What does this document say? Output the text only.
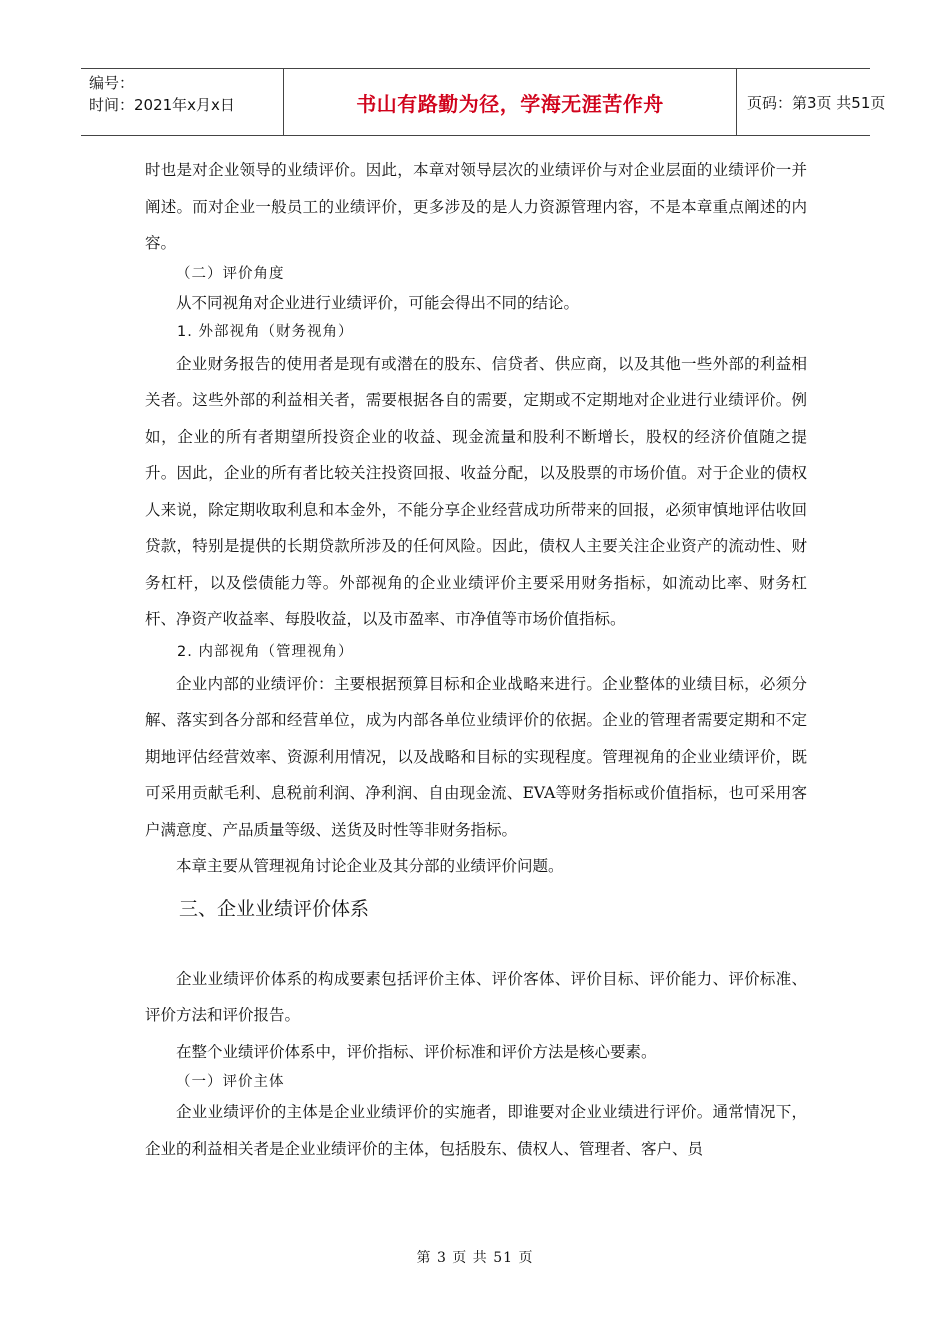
编号：
时间：2021年x月x日	书山有路勤为径，学海无涯苦作舟	页码：第3页 共51页

时也是对企业领导的业绩评价。因此，本章对领导层次的业绩评价与对企业层面的业绩评价一并阐述。而对企业一般员工的业绩评价，更多涉及的是人力资源管理内容，不是本章重点阐述的内容。

（二）评价角度

从不同视角对企业进行业绩评价，可能会得出不同的结论。

1. 外部视角（财务视角）

企业财务报告的使用者是现有或潜在的股东、信贷者、供应商，以及其他一些外部的利益相关者。这些外部的利益相关者，需要根据各自的需要，定期或不定期地对企业进行业绩评价。例如，企业的所有者期望所投资企业的收益、现金流量和股利不断增长，股权的经济价值随之提升。因此，企业的所有者比较关注投资回报、收益分配，以及股票的市场价值。对于企业的债权人来说，除定期收取利息和本金外，不能分享企业经营成功所带来的回报，必须审慎地评估收回贷款，特别是提供的长期贷款所涉及的任何风险。因此，债权人主要关注企业资产的流动性、财务杠杆，以及偿债能力等。外部视角的企业业绩评价主要采用财务指标，如流动比率、财务杠杆、净资产收益率、每股收益，以及市盈率、市净值等市场价值指标。

2. 内部视角（管理视角）

企业内部的业绩评价：主要根据预算目标和企业战略来进行。企业整体的业绩目标，必须分解、落实到各分部和经营单位，成为内部各单位业绩评价的依据。企业的管理者需要定期和不定期地评估经营效率、资源利用情况，以及战略和目标的实现程度。管理视角的企业业绩评价，既可采用贡献毛利、息税前利润、净利润、自由现金流、EVA等财务指标或价值指标，也可采用客户满意度、产品质量等级、送货及时性等非财务指标。

本章主要从管理视角讨论企业及其分部的业绩评价问题。

三、企业业绩评价体系

企业业绩评价体系的构成要素包括评价主体、评价客体、评价目标、评价能力、评价标准、评价方法和评价报告。

在整个业绩评价体系中，评价指标、评价标准和评价方法是核心要素。

（一）评价主体

企业业绩评价的主体是企业业绩评价的实施者，即谁要对企业业绩进行评价。通常情况下，企业的利益相关者是企业业绩评价的主体，包括股东、债权人、管理者、客户、员

第 3 页 共 51 页
